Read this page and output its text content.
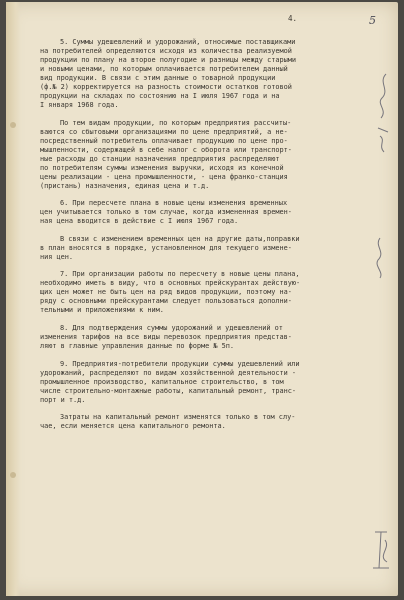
4.	5
5. Суммы удешевлений и удорожаний, относимые поставщиками
на потребителей определяются исходя из количества реализуемой
продукции по плану на второе полугодие и разницы между старыми
и новыми ценами, по которым оплачивается потребителем данный
вид продукции. В связи с этим данные о товарной продукции
(ф.№ 2) корректируется на разность стоимости остатков готовой
продукции на складах по состоянию на I июля 1967 года и на
I января 1968 года.
По тем видам продукции, по которым предприятия рассчиты-
ваются со сбытовыми организациями по цене предприятий, а не-
посредственный потребитель оплачивает продукцию по цене про-
мышленности, содержащей в себе налог с оборота или транспорт-
ные расходы до станции назначения предприятия распределяют
по потребителям суммы изменения выручки, исходя из конечной
цены реализации - цена промышленности, - цена франко-станция
(пристань) назначения, единая цена и т.д.
6. При пересчете плана в новые цены изменения временных
цен учитывается только в том случае, когда измененная времен-
ная цена вводится в действие с I июля 1967 года.
В связи с изменением временных цен на другие даты,поправки
в план вносятся в порядке, установленном для текущего измене-
ния цен.
7. При организации работы по пересчету в новые цены плана,
необходимо иметь в виду, что в основных прейскурантах действую-
щих цен может не быть цен на ряд видов продукции, поэтому на-
ряду с основными прейскурантами следует пользоваться дополни-
тельными и приложениями к ним.
8. Для подтверждения суммы удорожаний и удешевлений от
изменения тарифов на все виды перевозок предприятия представ-
ляют в главные управления данные по форме № 5п.
9. Предприятия-потребители продукции суммы удешевлений или
удорожаний, распределяют по видам хозяйственной деятельности -
промышленное производство, капитальное строительство, в том
числе строительно-монтажные работы, капитальный ремонт, транс-
порт и т.д.
Затраты на капитальный ремонт изменятся только в том слу-
чае, если меняется цена капитального ремонта.
